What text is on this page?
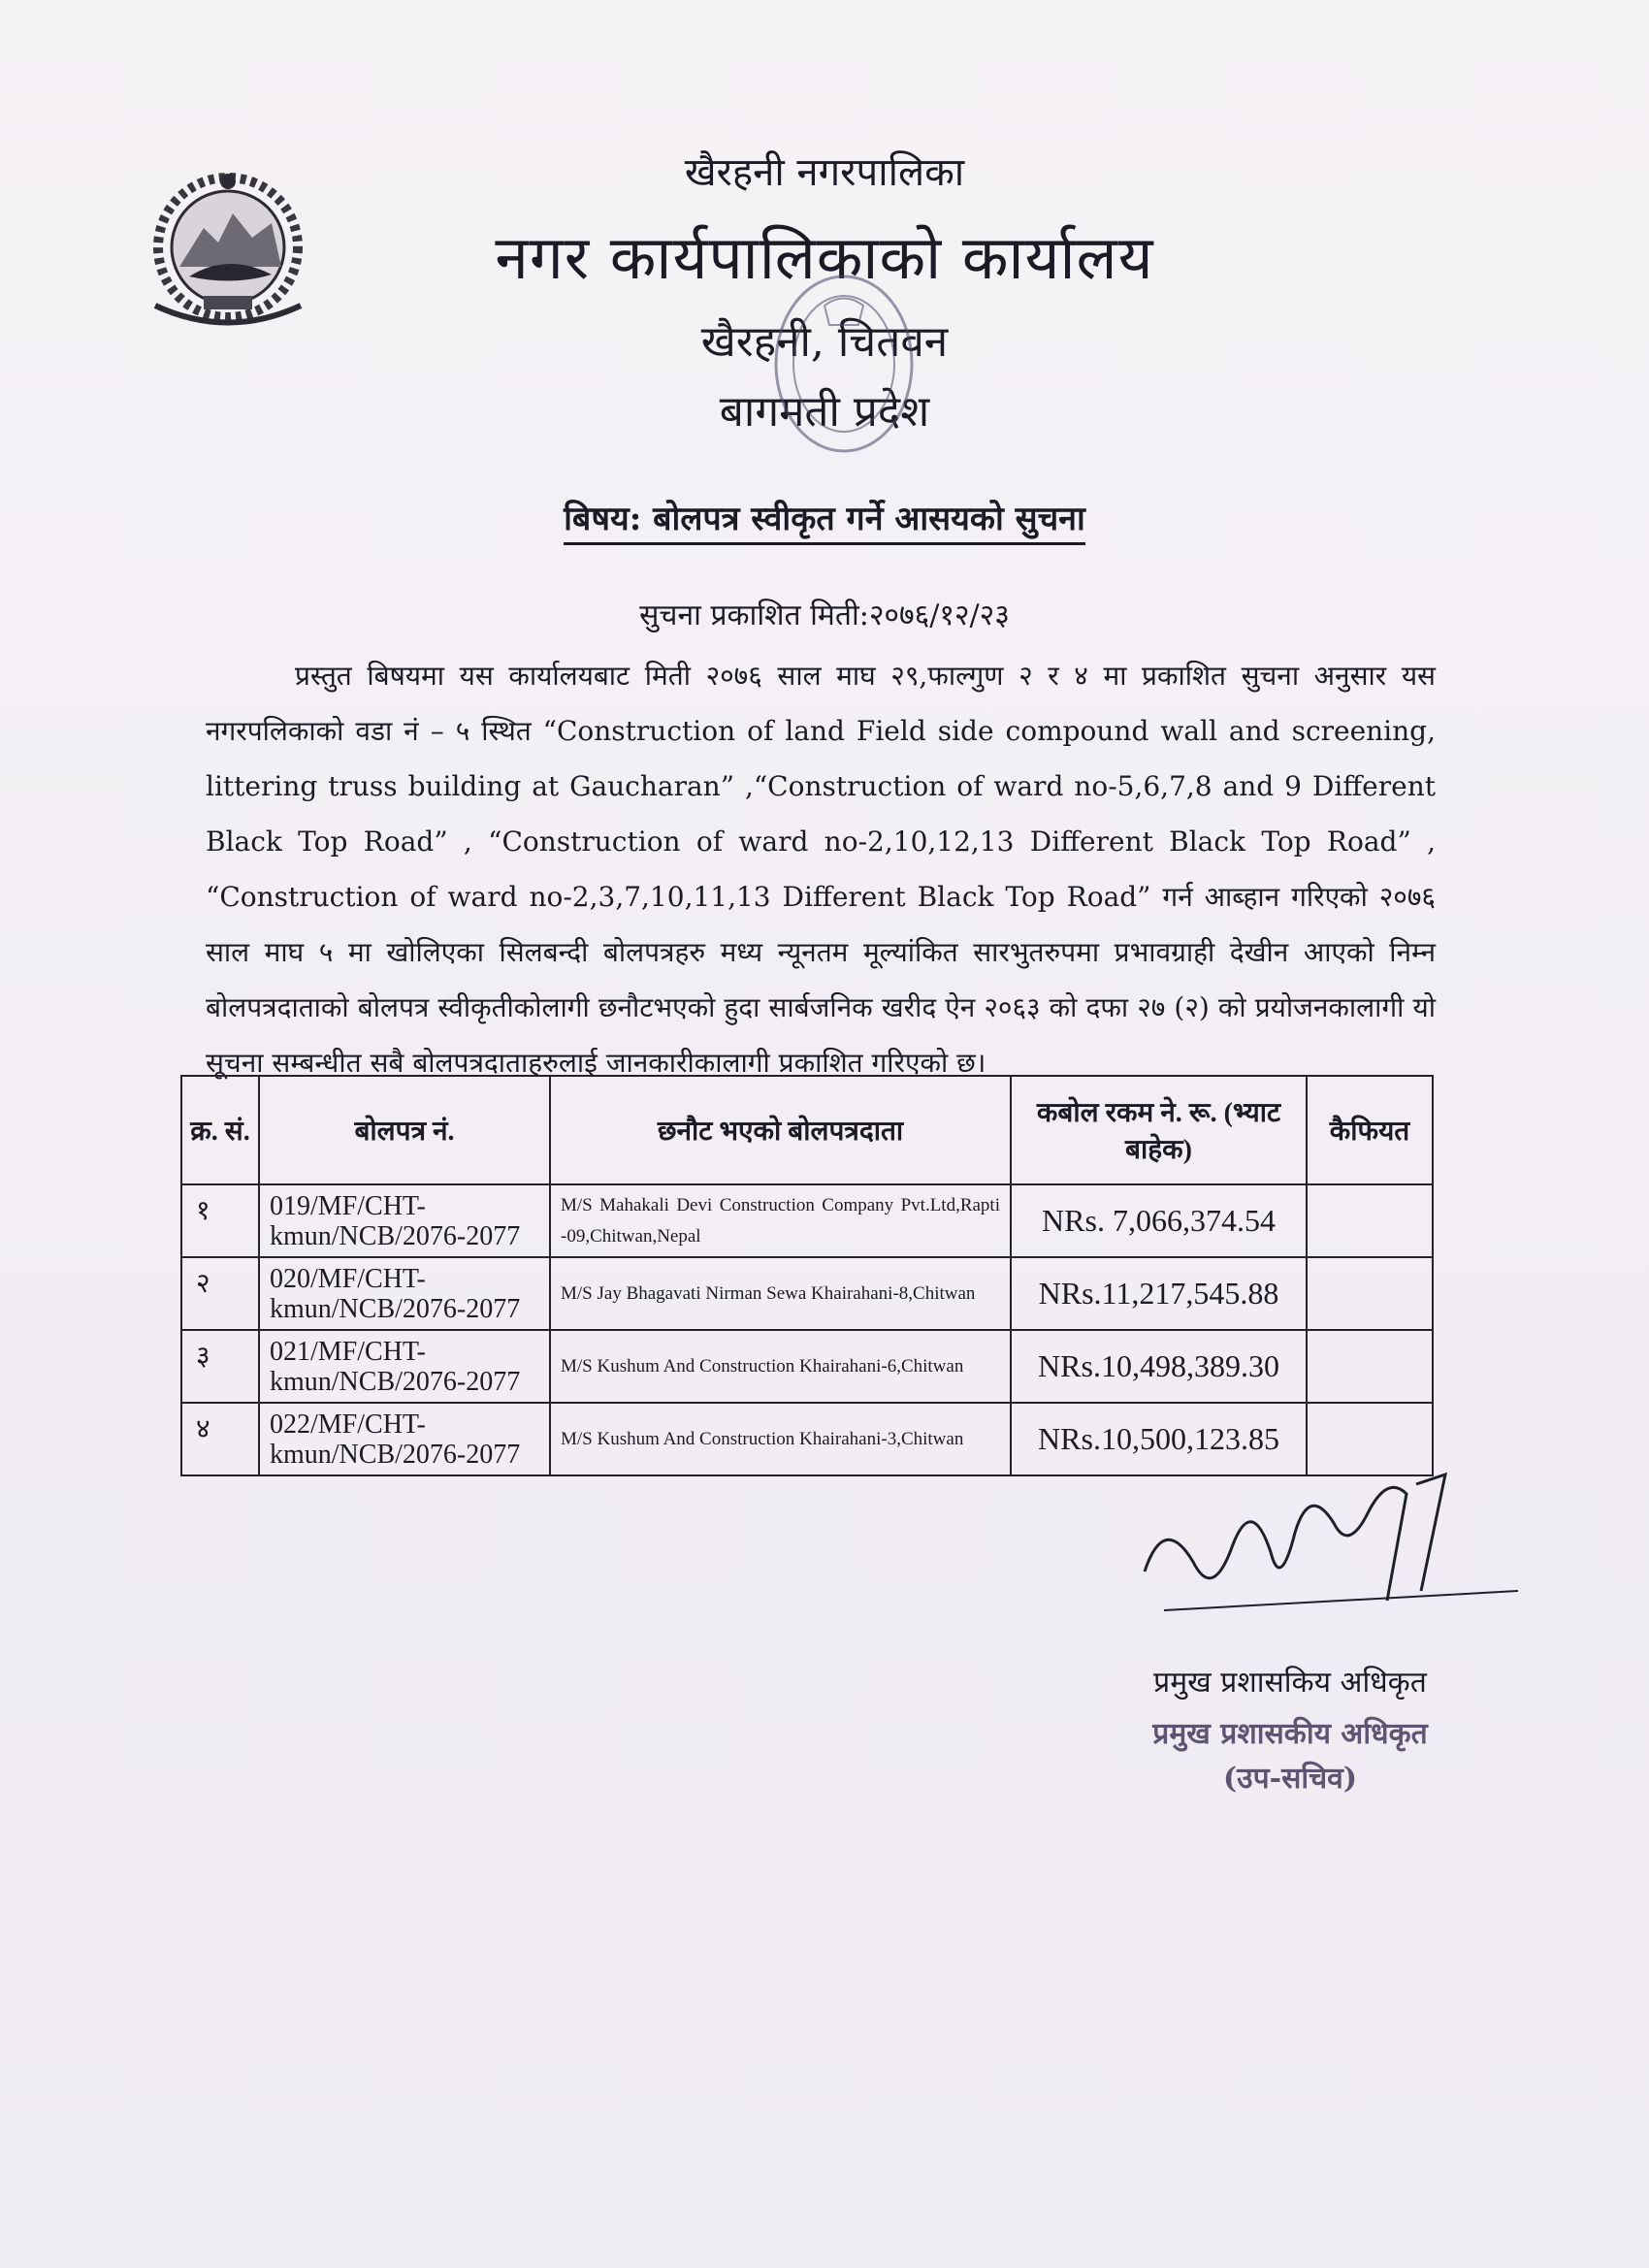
खैरहनी नगरपालिका
नगर कार्यपालिकाको कार्यालय
खैरहनी, चितवन
बागमती प्रदेश
बिषय: बोलपत्र स्वीकृत गर्ने आसयको सुचना
सुचना प्रकाशित मिती:२०७६/१२/२३
प्रस्तुत बिषयमा यस कार्यालयबाट मिती २०७६ साल माघ २९,फाल्गुण २ र ४ मा प्रकाशित सुचना अनुसार यस नगरपलिकाको वडा नं – ५ स्थित “Construction of land Field side compound wall and screening, littering truss building at Gaucharan” ,“Construction of ward no-5,6,7,8 and 9 Different Black Top Road” , “Construction of ward no-2,10,12,13 Different Black Top Road” , “Construction of ward no-2,3,7,10,11,13 Different Black Top Road” गर्न आब्हान गरिएको २०७६ साल माघ ५ मा खोलिएका सिलबन्दी बोलपत्रहरु मध्य न्यूनतम मूल्यांकित सारभुतरुपमा प्रभावग्राही देखीन आएको निम्न बोलपत्रदाताको बोलपत्र स्वीकृतीकोलागी छनौटभएको हुदा सार्बजनिक खरीद ऐन २०६३ को दफा २७ (२) को प्रयोजनकालागी यो सूचना सम्बन्धीत सबै बोलपत्रदाताहरुलाई जानकारीकालागी प्रकाशित गरिएको छ।
क्र. सं.	बोलपत्र नं.	छनौट भएको बोलपत्रदाता	कबोल रकम ने. रू. (भ्याट बाहेक)	कैफियत
१	019/MF/CHT-kmun/NCB/2076-2077	M/S Mahakali Devi Construction Company Pvt.Ltd,Rapti -09,Chitwan,Nepal	NRs. 7,066,374.54	
२	020/MF/CHT-kmun/NCB/2076-2077	M/S Jay Bhagavati Nirman Sewa Khairahani-8,Chitwan	NRs.11,217,545.88	
३	021/MF/CHT-kmun/NCB/2076-2077	M/S Kushum And Construction Khairahani-6,Chitwan	NRs.10,498,389.30	
४	022/MF/CHT-kmun/NCB/2076-2077	M/S Kushum And Construction Khairahani-3,Chitwan	NRs.10,500,123.85	
प्रमुख प्रशासकिय अधिकृत
प्रमुख प्रशासकीय अधिकृत
(उप-सचिव)
